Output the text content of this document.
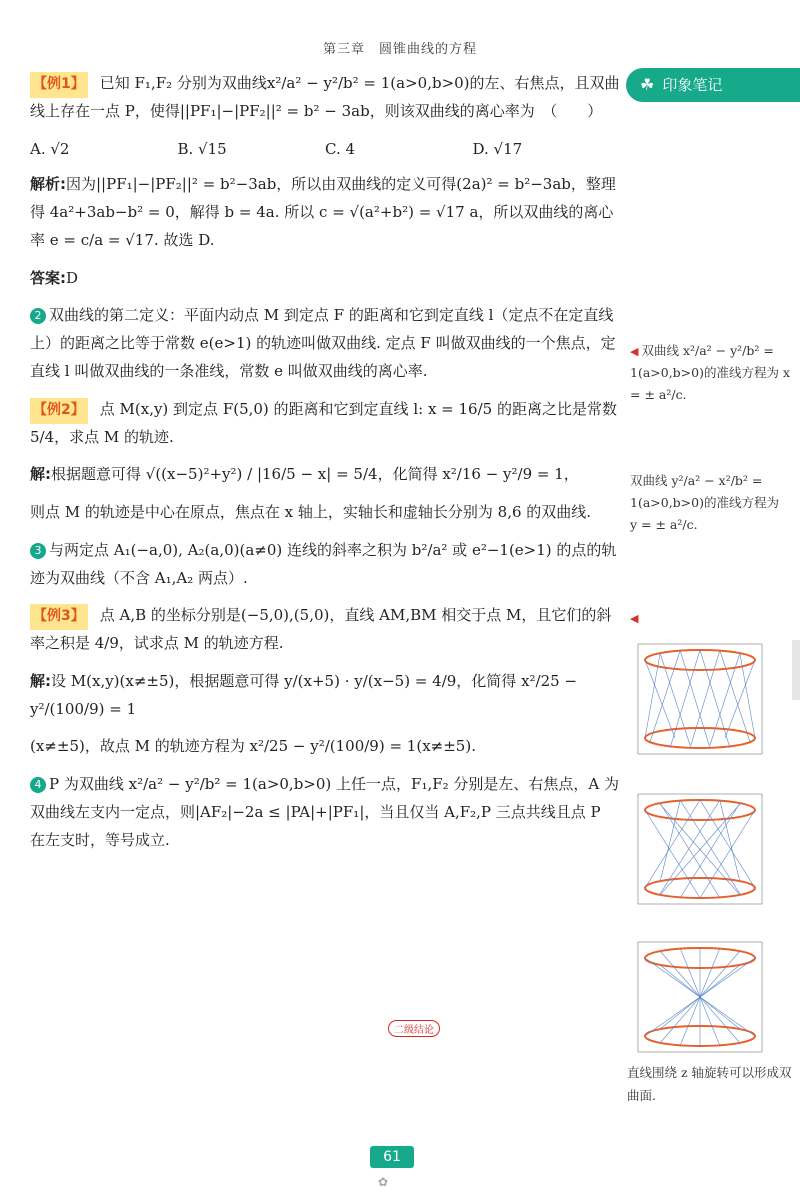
第三章　圆锥曲线的方程

【例1】 已知 F₁,F₂ 分别为双曲线x²/a² − y²/b² = 1(a>0,b>0)的左、右焦点，且双曲线上存在一点 P，使得||PF₁|−|PF₂||² = b² − 3ab，则该双曲线的离心率为　（　　）

A. √2	B. √15	C. 4	D. √17

解析:因为||PF₁|−|PF₂||² = b²−3ab，所以由双曲线的定义可得(2a)² = b²−3ab，整理得 4a²+3ab−b² = 0，解得 b = 4a. 所以 c = √(a²+b²) = √17 a，所以双曲线的离心率 e = c/a = √17. 故选 D.

答案:D

2 双曲线的第二定义：平面内动点 M 到定点 F 的距离和它到定直线 l（定点不在定直线上）的距离之比等于常数 e(e>1) 的轨迹叫做双曲线. 定点 F 叫做双曲线的一个焦点，定直线 l 叫做双曲线的一条准线，常数 e 叫做双曲线的离心率.

【例2】 点 M(x,y) 到定点 F(5,0) 的距离和它到定直线 l: x = 16/5 的距离之比是常数 5/4，求点 M 的轨迹.

解:根据题意可得 √((x−5)²+y²) / |16/5 − x| = 5/4，化简得 x²/16 − y²/9 = 1，

则点 M 的轨迹是中心在原点，焦点在 x 轴上，实轴长和虚轴长分别为 8,6 的双曲线.

3 与两定点 A₁(−a,0), A₂(a,0)(a≠0) 连线的斜率之积为 b²/a² 或 e²−1(e>1) 的点的轨迹为双曲线（不含 A₁,A₂ 两点）.

【例3】 点 A,B 的坐标分别是(−5,0),(5,0)，直线 AM,BM 相交于点 M，且它们的斜率之积是 4/9，试求点 M 的轨迹方程.

解:设 M(x,y)(x≠±5)，根据题意可得 y/(x+5) · y/(x−5) = 4/9，化简得 x²/25 − y²/(100/9) = 1

(x≠±5)，故点 M 的轨迹方程为 x²/25 − y²/(100/9) = 1(x≠±5).

4 P 为双曲线 x²/a² − y²/b² = 1(a>0,b>0) 上任一点，F₁,F₂ 分别是左、右焦点，A 为双曲线左支内一定点，则|AF₂|−2a ≤ |PA|+|PF₁|，当且仅当 A,F₂,P 三点共线且点 P 在左支时，等号成立.

☘ 印象笔记
◀ 双曲线 x²/a² − y²/b² = 1(a>0,b>0)的准线方程为 x = ± a²/c.
双曲线 y²/a² − x²/b² = 1(a>0,b>0)的准线方程为 y = ± a²/c.
◀
直线围绕 z 轴旋转可以形成双曲面.
二级结论
61
✿
